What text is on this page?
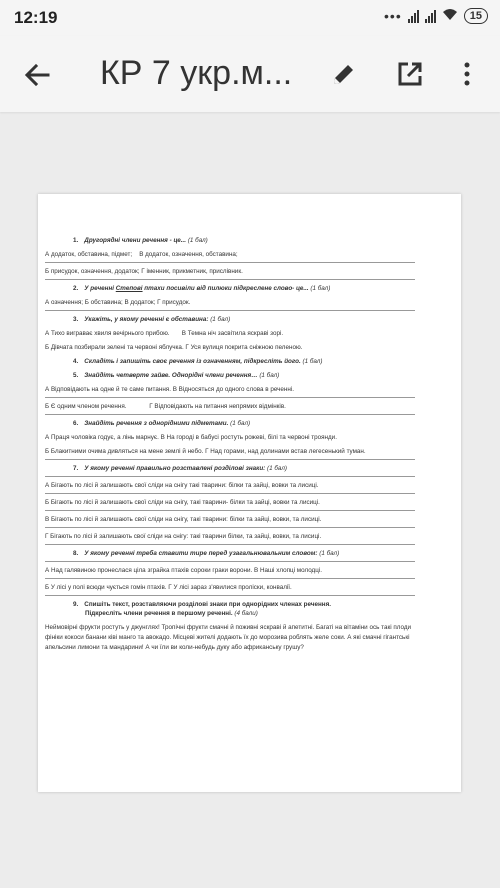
12:19	•••	15
КР 7 укр.м...

1. Другорядні члени речення - це... (1 бал)

А додаток, обставина, підмет; В додаток, означення, обставина;

Б присудок, означення, додаток; Г іменник, прикметник, прислівник.

2. У реченні Степові птахи посивіли від пилюки підкреслене слово- це... (1 бал)

А означення; Б обставина; В додаток; Г присудок.

3. Укажіть, у якому реченні є обставина: (1 бал)

А Тихо виграває хвиля вечірнього прибою. В Темна ніч засвітила яскраві зорі.

Б Дівчата позбирали зелені та червоні яблучка. Г Уся вулиця покрита сніжною пеленою.

4. Складіть і запишіть своє речення із означенням, підкресліть його. (1 бал)

5. Знайдіть четверте зайве. Однорідні члени речення… (1 бал)

А Відповідають на одне й те саме питання. В Відносяться до одного слова в реченні.

Б Є одним членом речення.	Г Відповідають на питання непрямих відмінків.

6. Знайдіть речення з однорідними підметами. (1 бал)

А Праця чоловіка годує, а лінь марнує. В На городі в бабусі ростуть рожеві, білі та червоні троянди.

Б Блакитними очима дивляться на мене землі й небо. Г Над горами, над долинами встав легесенький туман.

7. У якому реченні правильно розставлені розділові знаки: (1 бал)

А Бігають по лісі й залишають свої сліди на снігу такі тварини: білки та зайці, вовки та лисиці.

Б Бігають по лісі й залишають свої сліди на снігу, такі тварини- білки та зайці, вовки та лисиці.

В Бігають по лісі й залишають свої сліди на снігу, такі тварини: білки та зайці, вовки, та лисиці.

Г Бігають по лісі й залишають свої сліди на снігу: такі тварини білки, та зайці, вовки, та лисиці.

8. У якому реченні треба ставити тире перед узагальнювальним словом: (1 бал)

А Над галявиною пронеслася ціла зграйка птахів сороки граки ворони. В Наші хлопці молодці.

Б У лісі у полі всюди чується гомін птахів. Г У лісі зараз з'явилися проліски, конвалії.

9. Спишіть текст, розставляючи розділові знаки при однорідних членах речення.

Підкресліть члени речення в першому реченні. (4 бали)

Неймовірні фрукти ростуть у джунглях! Тропічні фрукти смачні й поживні яскраві й апетитні. Багаті на вітаміни ось такі плоди фініки кокоси банани ківі манго та авокадо. Місцеві жителі додають їх до морозива роблять желе соки. А які смачні гігантські апельсини лимони та мандарини! А чи їли ви коли-небудь дуку або африканську грушу?
